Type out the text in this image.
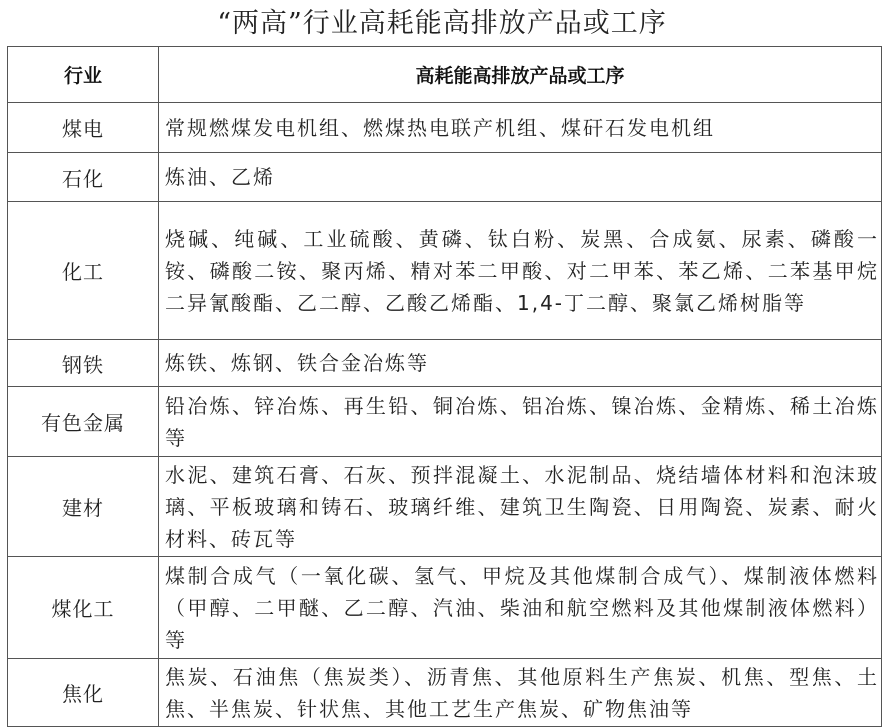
“两高”行业高耗能高排放产品或工序
行业	高耗能高排放产品或工序
煤电	常规燃煤发电机组、燃煤热电联产机组、煤矸石发电机组
石化	炼油、乙烯
化工	烧碱、纯碱、工业硫酸、黄磷、钛白粉、炭黑、合成氨、尿素、磷酸一铵、磷酸二铵、聚丙烯、精对苯二甲酸、对二甲苯、苯乙烯、二苯基甲烷二异氰酸酯、乙二醇、乙酸乙烯酯、1,4-丁二醇、聚氯乙烯树脂等
钢铁	炼铁、炼钢、铁合金冶炼等
有色金属	铅冶炼、锌冶炼、再生铅、铜冶炼、铝冶炼、镍冶炼、金精炼、稀土冶炼等
建材	水泥、建筑石膏、石灰、预拌混凝土、水泥制品、烧结墙体材料和泡沫玻璃、平板玻璃和铸石、玻璃纤维、建筑卫生陶瓷、日用陶瓷、炭素、耐火材料、砖瓦等
煤化工	煤制合成气（一氧化碳、氢气、甲烷及其他煤制合成气）、煤制液体燃料（甲醇、二甲醚、乙二醇、汽油、柴油和航空燃料及其他煤制液体燃料）等
焦化	焦炭、石油焦（焦炭类）、沥青焦、其他原料生产焦炭、机焦、型焦、土焦、半焦炭、针状焦、其他工艺生产焦炭、矿物焦油等
